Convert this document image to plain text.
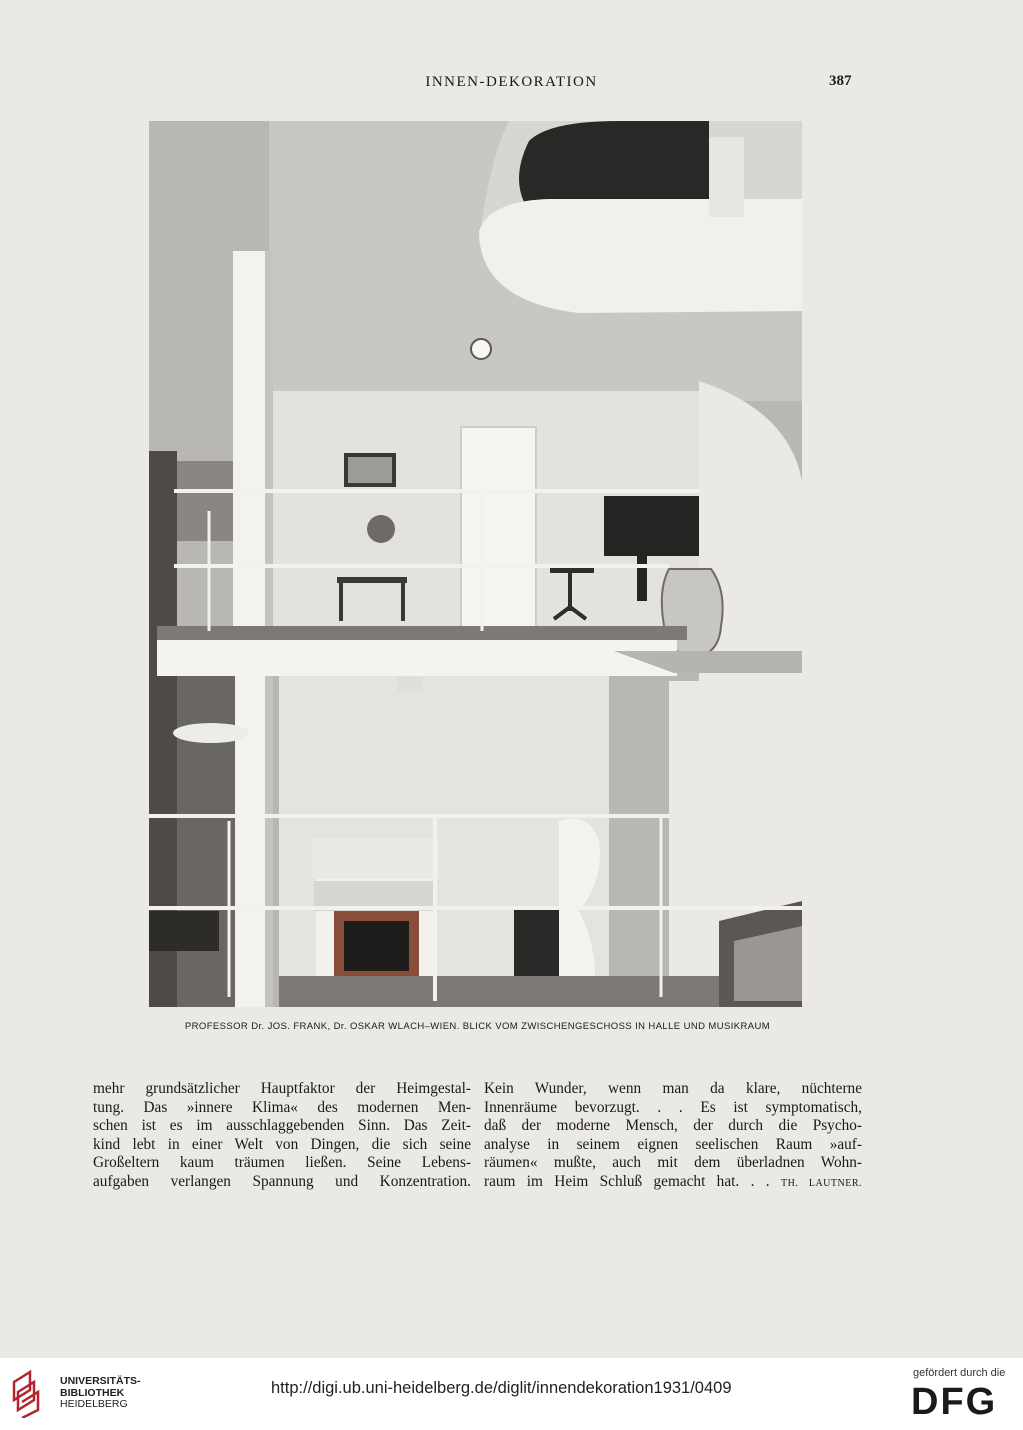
INNEN-DEKORATION	387
PROFESSOR Dr. JOS. FRANK, Dr. OSKAR WLACH–WIEN. BLICK VOM ZWISCHENGESCHOSS IN HALLE UND MUSIKRAUM
mehr grundsätzlicher Hauptfaktor der Heimgestal-
tung. Das »innere Klima« des modernen Men-
schen ist es im ausschlaggebenden Sinn. Das Zeit-
kind lebt in einer Welt von Dingen, die sich seine
Großeltern kaum träumen ließen. Seine Lebens-
aufgaben verlangen Spannung und Konzentration.
Kein Wunder, wenn man da klare, nüchterne
Innenräume bevorzugt. . . Es ist symptomatisch,
daß der moderne Mensch, der durch die Psycho-
analyse in seinem eignen seelischen Raum »auf-
räumen« mußte, auch mit dem überladnen Wohn-
raum im Heim Schluß gemacht hat. . . TH. LAUTNER.
UNIVERSITÄTS-
BIBLIOTHEK
HEIDELBERG
http://digi.ub.uni-heidelberg.de/diglit/innendekoration1931/0409
gefördert durch die
DFG
